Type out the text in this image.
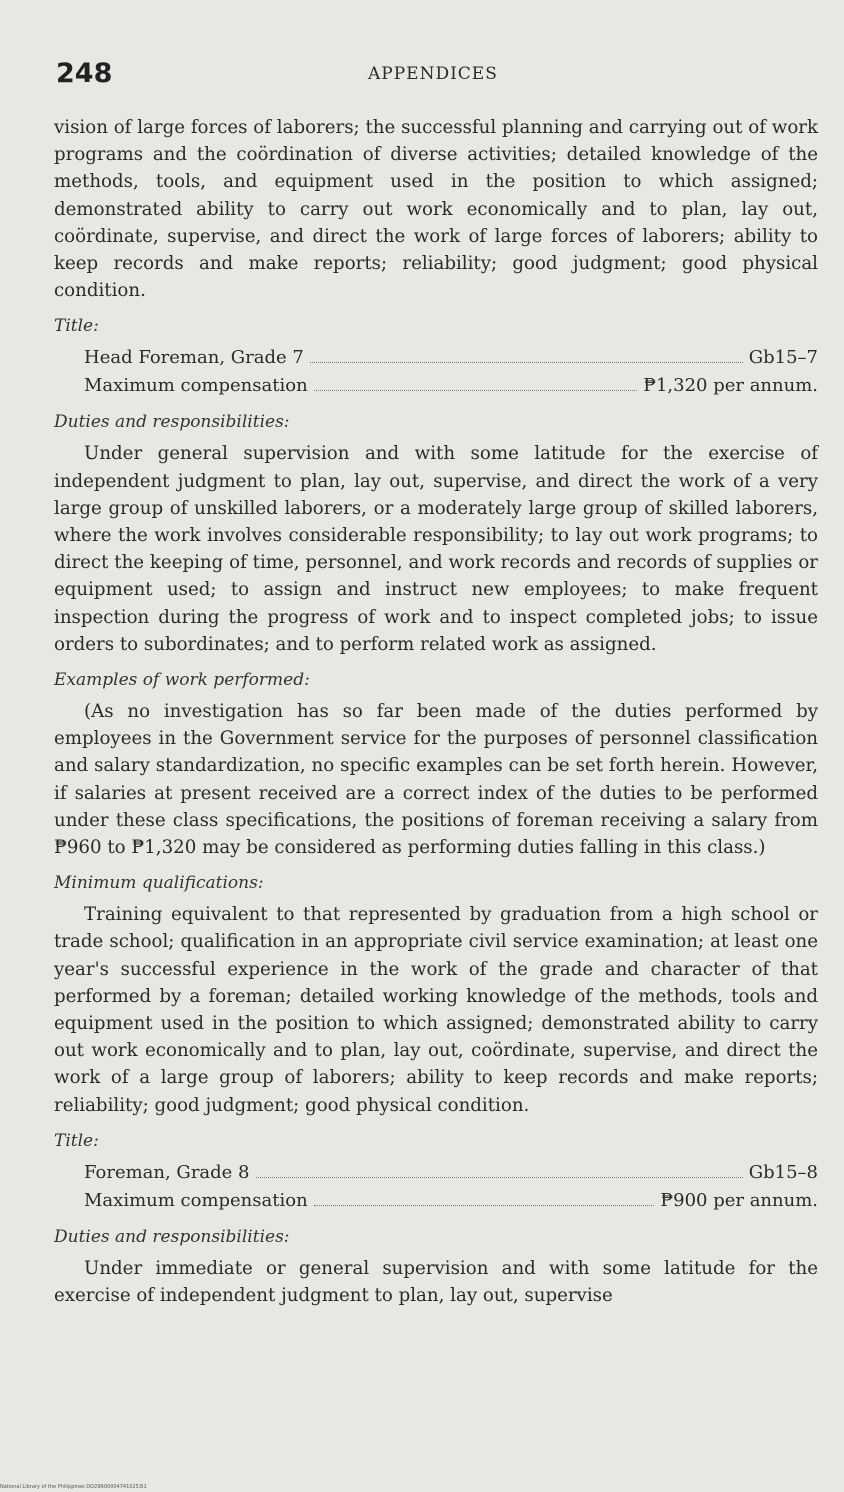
248	APPENDICES

vision of large forces of laborers; the successful planning and carrying out of work programs and the coördination of diverse activities; detailed knowledge of the methods, tools, and equipment used in the position to which assigned; demonstrated ability to carry out work economically and to plan, lay out, coördinate, supervise, and direct the work of large forces of laborers; ability to keep records and make reports; reliability; good judgment; good physical condition.

Title:
Head Foreman, Grade 7	Gb15–7
Maximum compensation	₱1,320 per annum.
Duties and responsibilities:

Under general supervision and with some latitude for the exercise of independent judgment to plan, lay out, supervise, and direct the work of a very large group of unskilled laborers, or a moderately large group of skilled laborers, where the work involves considerable responsibility; to lay out work programs; to direct the keeping of time, personnel, and work records and records of supplies or equipment used; to assign and instruct new employees; to make frequent inspection during the progress of work and to inspect completed jobs; to issue orders to subordinates; and to perform related work as assigned.

Examples of work performed:

(As no investigation has so far been made of the duties performed by employees in the Government service for the purposes of personnel classification and salary standardization, no specific examples can be set forth herein. However, if salaries at present received are a correct index of the duties to be performed under these class specifications, the positions of foreman receiving a salary from ₱960 to ₱1,320 may be considered as performing duties falling in this class.)

Minimum qualifications:

Training equivalent to that represented by graduation from a high school or trade school; qualification in an appropriate civil service examination; at least one year's successful experience in the work of the grade and character of that performed by a foreman; detailed working knowledge of the methods, tools and equipment used in the position to which assigned; demonstrated ability to carry out work economically and to plan, lay out, coördinate, supervise, and direct the work of a large group of laborers; ability to keep records and make reports; reliability; good judgment; good physical condition.

Title:
Foreman, Grade 8	Gb15–8
Maximum compensation	₱900 per annum.
Duties and responsibilities:

Under immediate or general supervision and with some latitude for the exercise of independent judgment to plan, lay out, supervise

National Library of the Philippines DO29R000047410253I1
